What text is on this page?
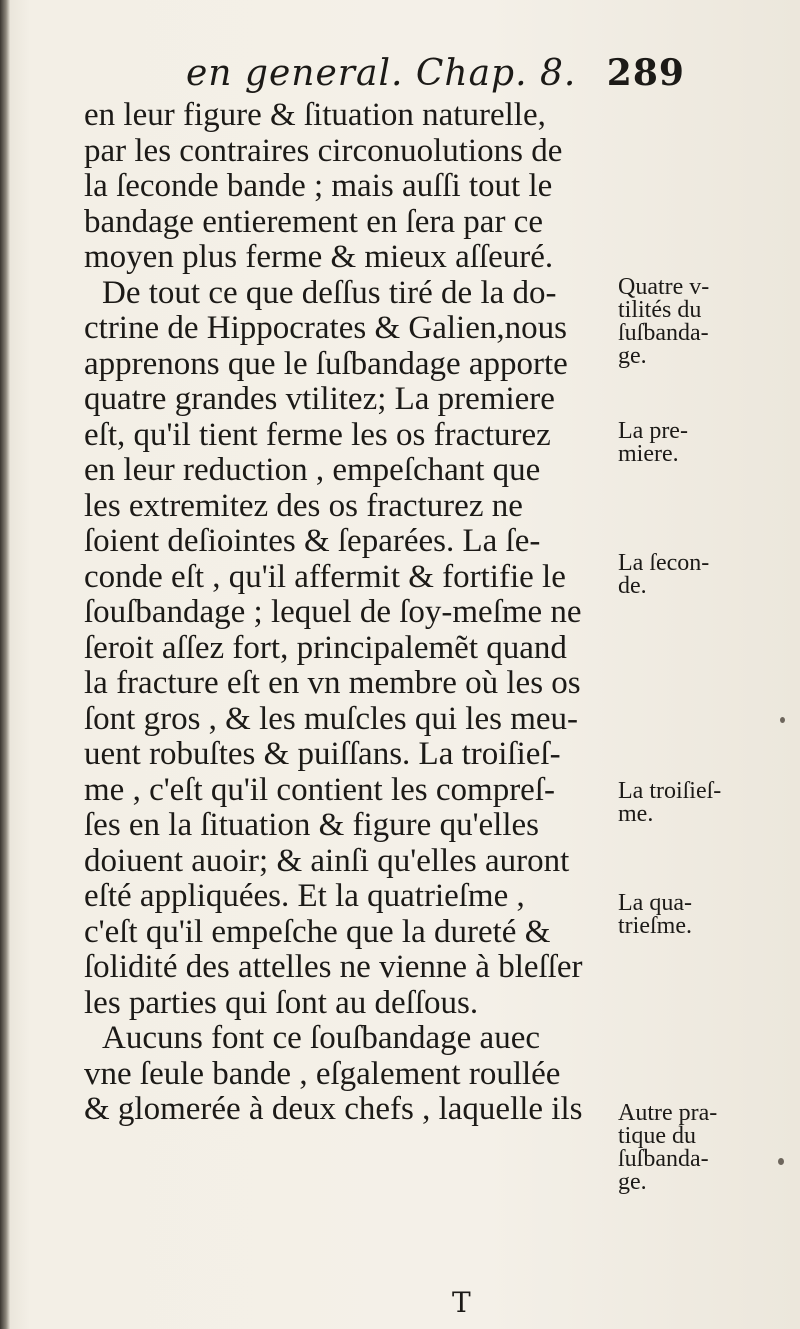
en general. Chap. 8. 289
en leur figure & ſituation naturelle,
par les contraires circonuolutions de
la ſeconde bande ; mais auſſi tout le
bandage entierement en ſera par ce
moyen plus ferme & mieux aſſeuré.
De tout ce que deſſus tiré de la do-
ctrine de Hippocrates & Galien,nous
apprenons que le ſuſbandage apporte
quatre grandes vtilitez; La premiere
eſt, qu'il tient ferme les os fracturez
en leur reduction , empeſchant que
les extremitez des os fracturez ne
ſoient deſiointes & ſeparées. La ſe-
conde eſt , qu'il affermit & fortifie le
ſouſbandage ; lequel de ſoy-meſme ne
ſeroit aſſez fort, principalemẽt quand
la fracture eſt en vn membre où les os
ſont gros , & les muſcles qui les meu-
uent robuſtes & puiſſans. La troiſieſ-
me , c'eſt qu'il contient les compreſ-
ſes en la ſituation & figure qu'elles
doiuent auoir; & ainſi qu'elles auront
eſté appliquées. Et la quatrieſme ,
c'eſt qu'il empeſche que la dureté &
ſolidité des attelles ne vienne à bleſſer
les parties qui ſont au deſſous.
Aucuns font ce ſouſbandage auec
vne ſeule bande , eſgalement roullée
& glomerée à deux chefs , laquelle ils
Quatre v-
tilités du
ſuſbanda-
ge.
La pre-
miere.
La ſecon-
de.
La troiſieſ-
me.
La qua-
trieſme.
Autre pra-
tique du
ſuſbanda-
ge.
T
